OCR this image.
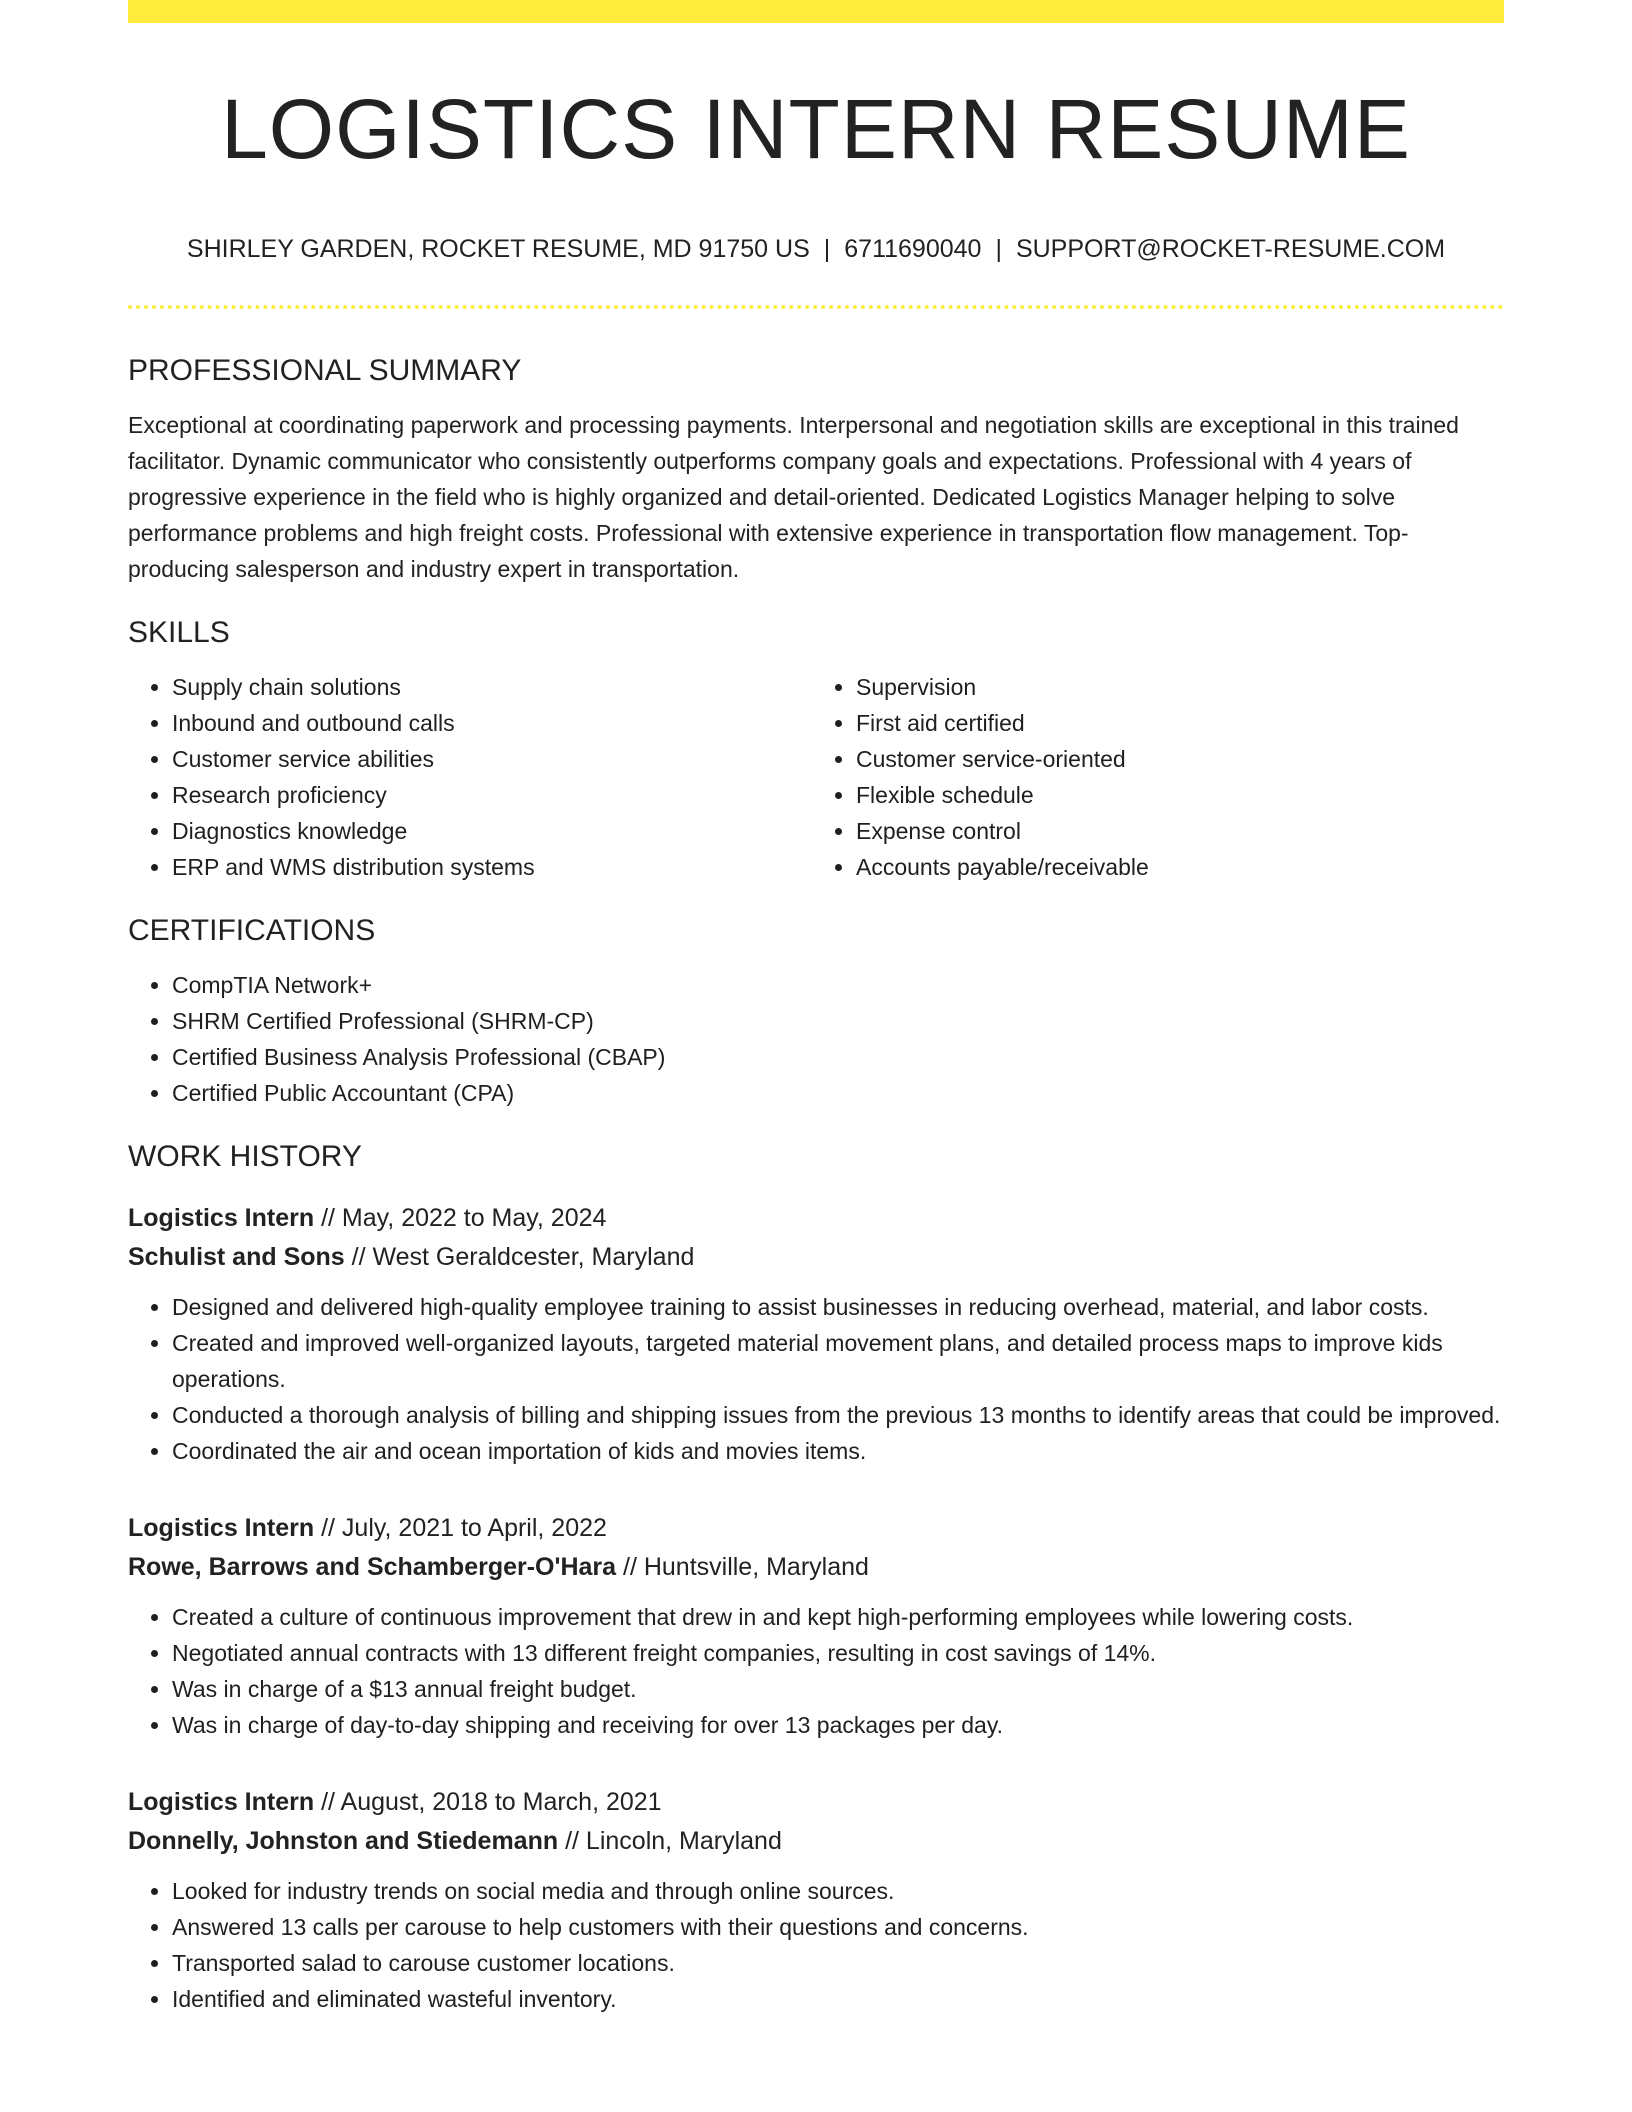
LOGISTICS INTERN RESUME
SHIRLEY GARDEN, ROCKET RESUME, MD 91750 US | 6711690040 | SUPPORT@ROCKET-RESUME.COM
PROFESSIONAL SUMMARY

Exceptional at coordinating paperwork and processing payments. Interpersonal and negotiation skills are exceptional in this trained facilitator. Dynamic communicator who consistently outperforms company goals and expectations. Professional with 4 years of progressive experience in the field who is highly organized and detail-oriented. Dedicated Logistics Manager helping to solve performance problems and high freight costs. Professional with extensive experience in transportation flow management. Top-producing salesperson and industry expert in transportation.

SKILLS
• Supply chain solutions
• Inbound and outbound calls
• Customer service abilities
• Research proficiency
• Diagnostics knowledge
• ERP and WMS distribution systems
• Supervision
• First aid certified
• Customer service-oriented
• Flexible schedule
• Expense control
• Accounts payable/receivable
CERTIFICATIONS
• CompTIA Network+
• SHRM Certified Professional (SHRM-CP)
• Certified Business Analysis Professional (CBAP)
• Certified Public Accountant (CPA)
WORK HISTORY
Logistics Intern // May, 2022 to May, 2024
Schulist and Sons // West Geraldcester, Maryland
• Designed and delivered high-quality employee training to assist businesses in reducing overhead, material, and labor costs.
• Created and improved well-organized layouts, targeted material movement plans, and detailed process maps to improve kids operations.
• Conducted a thorough analysis of billing and shipping issues from the previous 13 months to identify areas that could be improved.
• Coordinated the air and ocean importation of kids and movies items.
Logistics Intern // July, 2021 to April, 2022
Rowe, Barrows and Schamberger-O'Hara // Huntsville, Maryland
• Created a culture of continuous improvement that drew in and kept high-performing employees while lowering costs.
• Negotiated annual contracts with 13 different freight companies, resulting in cost savings of 14%.
• Was in charge of a $13 annual freight budget.
• Was in charge of day-to-day shipping and receiving for over 13 packages per day.
Logistics Intern // August, 2018 to March, 2021
Donnelly, Johnston and Stiedemann // Lincoln, Maryland
• Looked for industry trends on social media and through online sources.
• Answered 13 calls per carouse to help customers with their questions and concerns.
• Transported salad to carouse customer locations.
• Identified and eliminated wasteful inventory.
